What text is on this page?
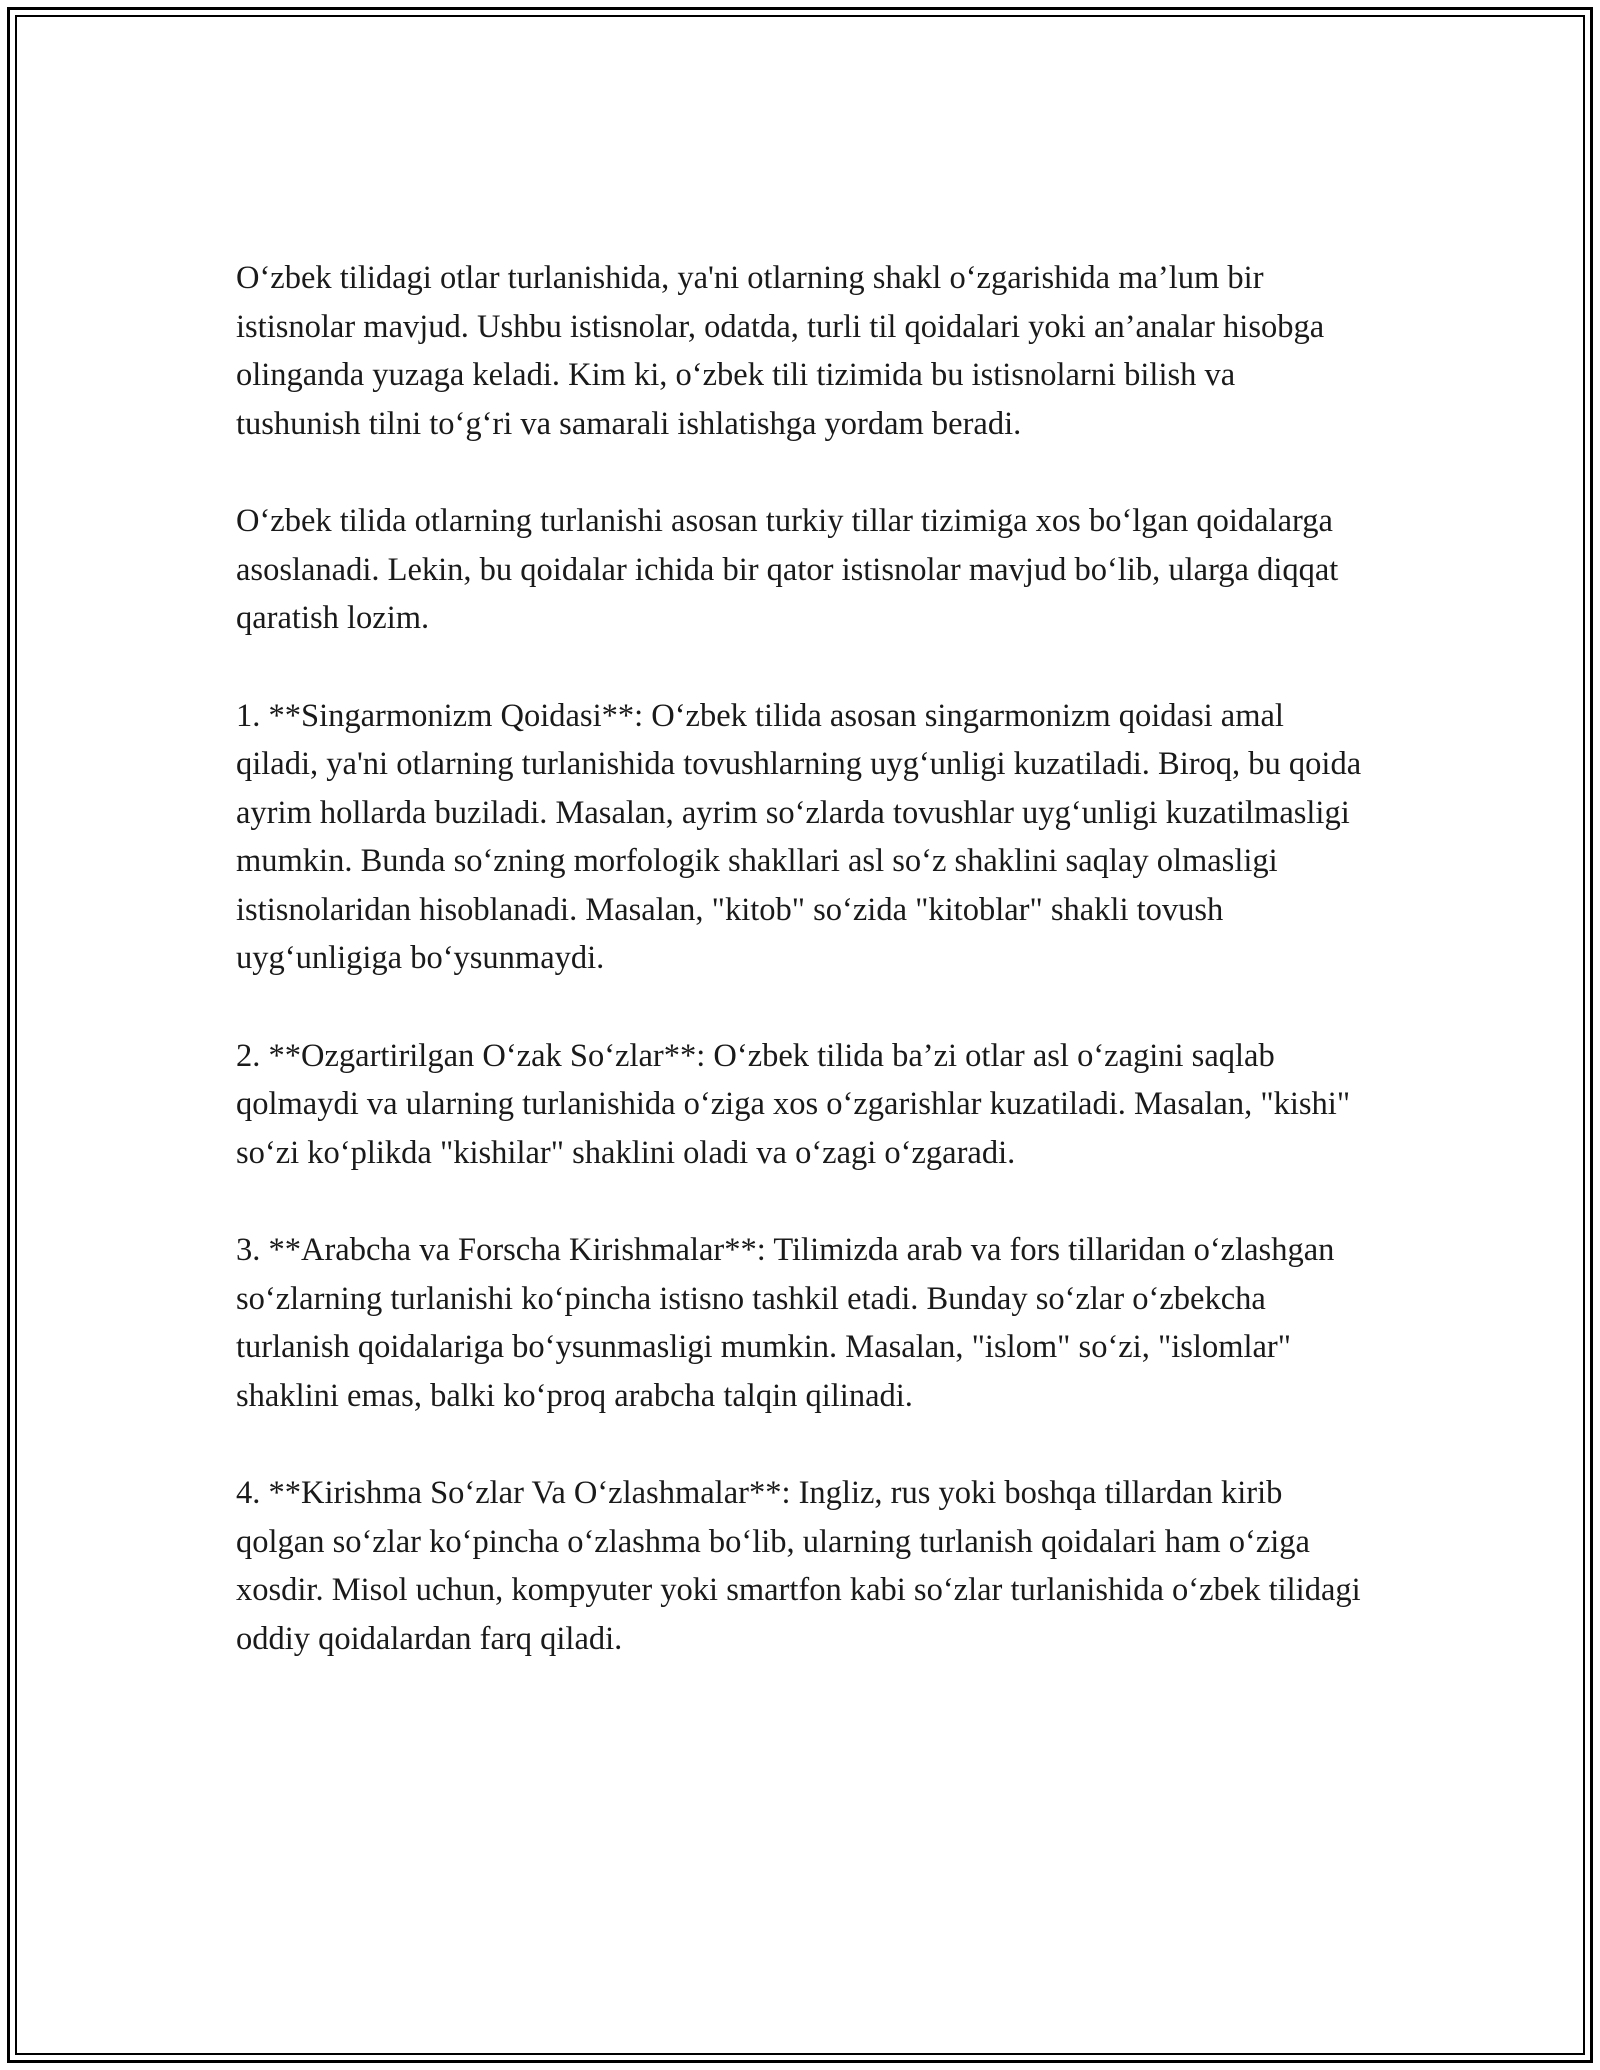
O‘zbek tilidagi otlar turlanishida, ya'ni otlarning shakl o‘zgarishida ma’lum bir istisnolar mavjud. Ushbu istisnolar, odatda, turli til qoidalari yoki an’analar hisobga olinganda yuzaga keladi. Kim ki, o‘zbek tili tizimida bu istisnolarni bilish va tushunish tilni to‘g‘ri va samarali ishlatishga yordam beradi.

O‘zbek tilida otlarning turlanishi asosan turkiy tillar tizimiga xos bo‘lgan qoidalarga asoslanadi. Lekin, bu qoidalar ichida bir qator istisnolar mavjud bo‘lib, ularga diqqat qaratish lozim.

1. **Singarmonizm Qoidasi**: O‘zbek tilida asosan singarmonizm qoidasi amal qiladi, ya'ni otlarning turlanishida tovushlarning uyg‘unligi kuzatiladi. Biroq, bu qoida ayrim hollarda buziladi. Masalan, ayrim so‘zlarda tovushlar uyg‘unligi kuzatilmasligi mumkin. Bunda so‘zning morfologik shakllari asl so‘z shaklini saqlay olmasligi istisnolaridan hisoblanadi. Masalan, "kitob" so‘zida "kitoblar" shakli tovush uyg‘unligiga bo‘ysunmaydi.

2. **Ozgartirilgan O‘zak So‘zlar**: O‘zbek tilida ba’zi otlar asl o‘zagini saqlab qolmaydi va ularning turlanishida o‘ziga xos o‘zgarishlar kuzatiladi. Masalan, "kishi" so‘zi ko‘plikda "kishilar" shaklini oladi va o‘zagi o‘zgaradi.

3. **Arabcha va Forscha Kirishmalar**: Tilimizda arab va fors tillaridan o‘zlashgan so‘zlarning turlanishi ko‘pincha istisno tashkil etadi. Bunday so‘zlar o‘zbekcha turlanish qoidalariga bo‘ysunmasligi mumkin. Masalan, "islom" so‘zi, "islomlar" shaklini emas, balki ko‘proq arabcha talqin qilinadi.

4. **Kirishma So‘zlar Va O‘zlashmalar**: Ingliz, rus yoki boshqa tillardan kirib qolgan so‘zlar ko‘pincha o‘zlashma bo‘lib, ularning turlanish qoidalari ham o‘ziga xosdir. Misol uchun, kompyuter yoki smartfon kabi so‘zlar turlanishida o‘zbek tilidagi oddiy qoidalardan farq qiladi.
